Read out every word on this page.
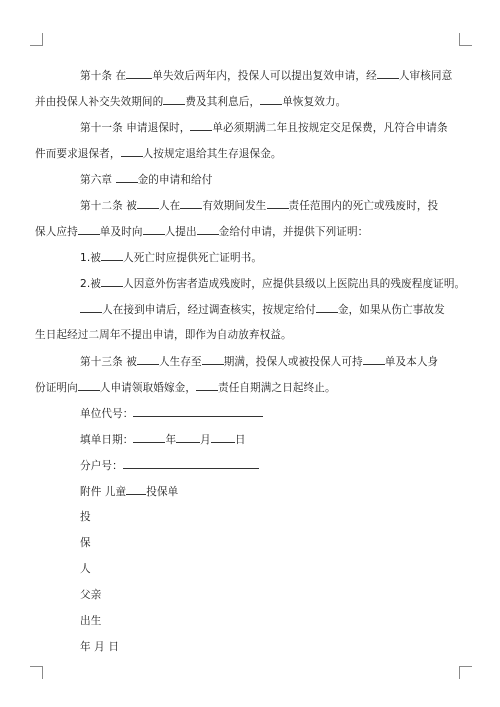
第十条 在 单失效后两年内，投保人可以提出复效申请，经 人审核同意
并由投保人补交失效期间的 费及其利息后， 单恢复效力。
第十一条 申请退保时， 单必须期满二年且按规定交足保费，凡符合申请条
件而要求退保者， 人按规定退给其生存退保金。
第六章 金的申请和给付
第十二条 被 人在 有效期间发生 责任范围内的死亡或残废时，投
保人应持 单及时向 人提出 金给付申请，并提供下列证明：
1.被 人死亡时应提供死亡证明书。
2.被 人因意外伤害者造成残废时，应提供县级以上医院出具的残废程度证明。
人在接到申请后，经过调查核实，按规定给付 金，如果从伤亡事故发
生日起经过二周年不提出申请，即作为自动放弃权益。
第十三条 被 人生存至 期满，投保人或被投保人可持 单及本人身
份证明向 人申请领取婚嫁金， 责任自期满之日起终止。
单位代号：
填单日期：	年 月 日
分户号：
附件 儿童 投保单
投
保
人
父亲
出生
年 月 日
